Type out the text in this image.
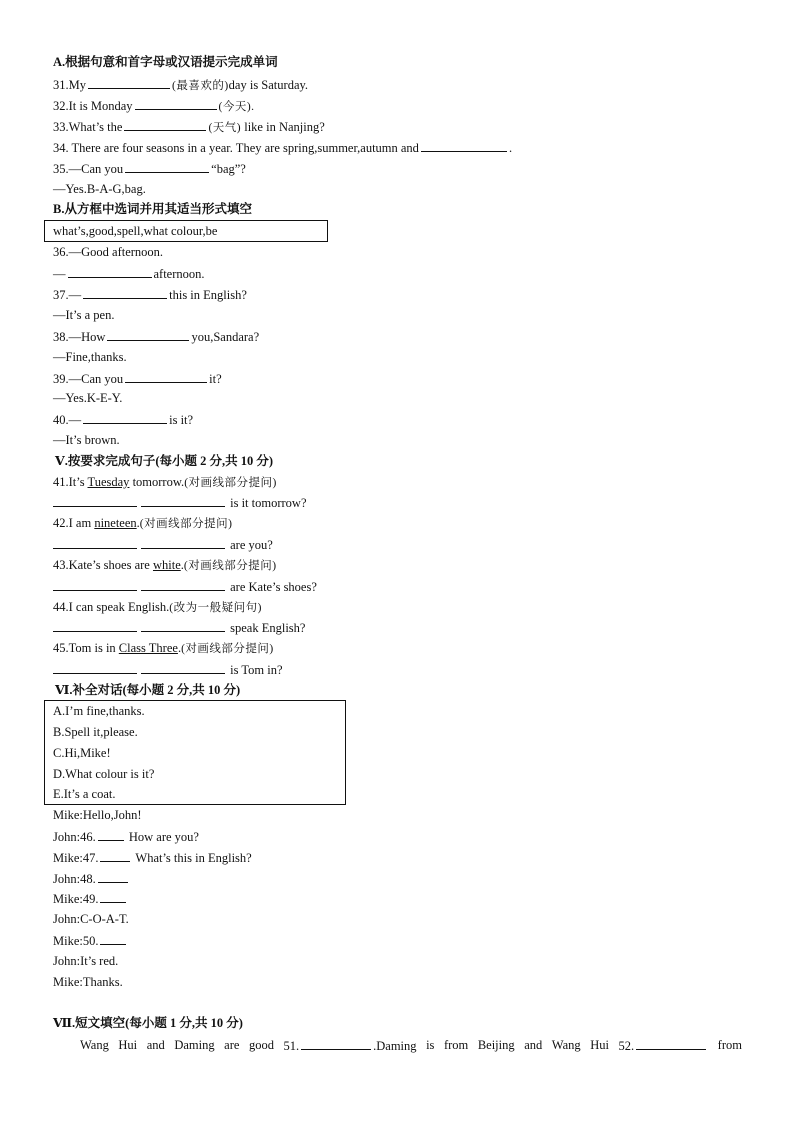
A.根据句意和首字母或汉语提示完成单词
31.My	(最喜欢的)day is Saturday.
32.It is Monday	(今天).
33.What’s the	(天气) like in Nanjing?
34. There are four seasons in a year. They are spring,summer,autumn and	.
35.—Can you	“bag”?
—Yes.B-A-G,bag.
B.从方框中选词并用其适当形式填空
what’s,good,spell,what colour,be
36.—Good afternoon.
—	afternoon.
37.—	this in English?
—It’s a pen.
38.—How	you,Sandara?
—Fine,thanks.
39.—Can you	it?
—Yes.K-E-Y.
40.—	is it?
—It’s brown.
Ⅴ.按要求完成句子(每小题 2 分,共 10 分)
41.It’s Tuesday tomorrow.(对画线部分提问)
is it tomorrow?
42.I am nineteen.(对画线部分提问)
are you?
43.Kate’s shoes are white.(对画线部分提问)
are Kate’s shoes?
44.I can speak English.(改为一般疑问句)
speak English?
45.Tom is in Class Three.(对画线部分提问)
is Tom in?
Ⅵ.补全对话(每小题 2 分,共 10 分)
A.I’m fine,thanks.
B.Spell it,please.
C.Hi,Mike!
D.What colour is it?
E.It’s a coat.
Mike:Hello,John!
John:46.	How are you?
Mike:47.	What’s this in English?
John:48.
Mike:49.
John:C-O-A-T.
Mike:50.
John:It’s red.
Mike:Thanks.
Ⅶ.短文填空(每小题 1 分,共 10 分)
Wang Hui and Daming are good 51.	.Daming is from Beijing and Wang Hui 52.	from
